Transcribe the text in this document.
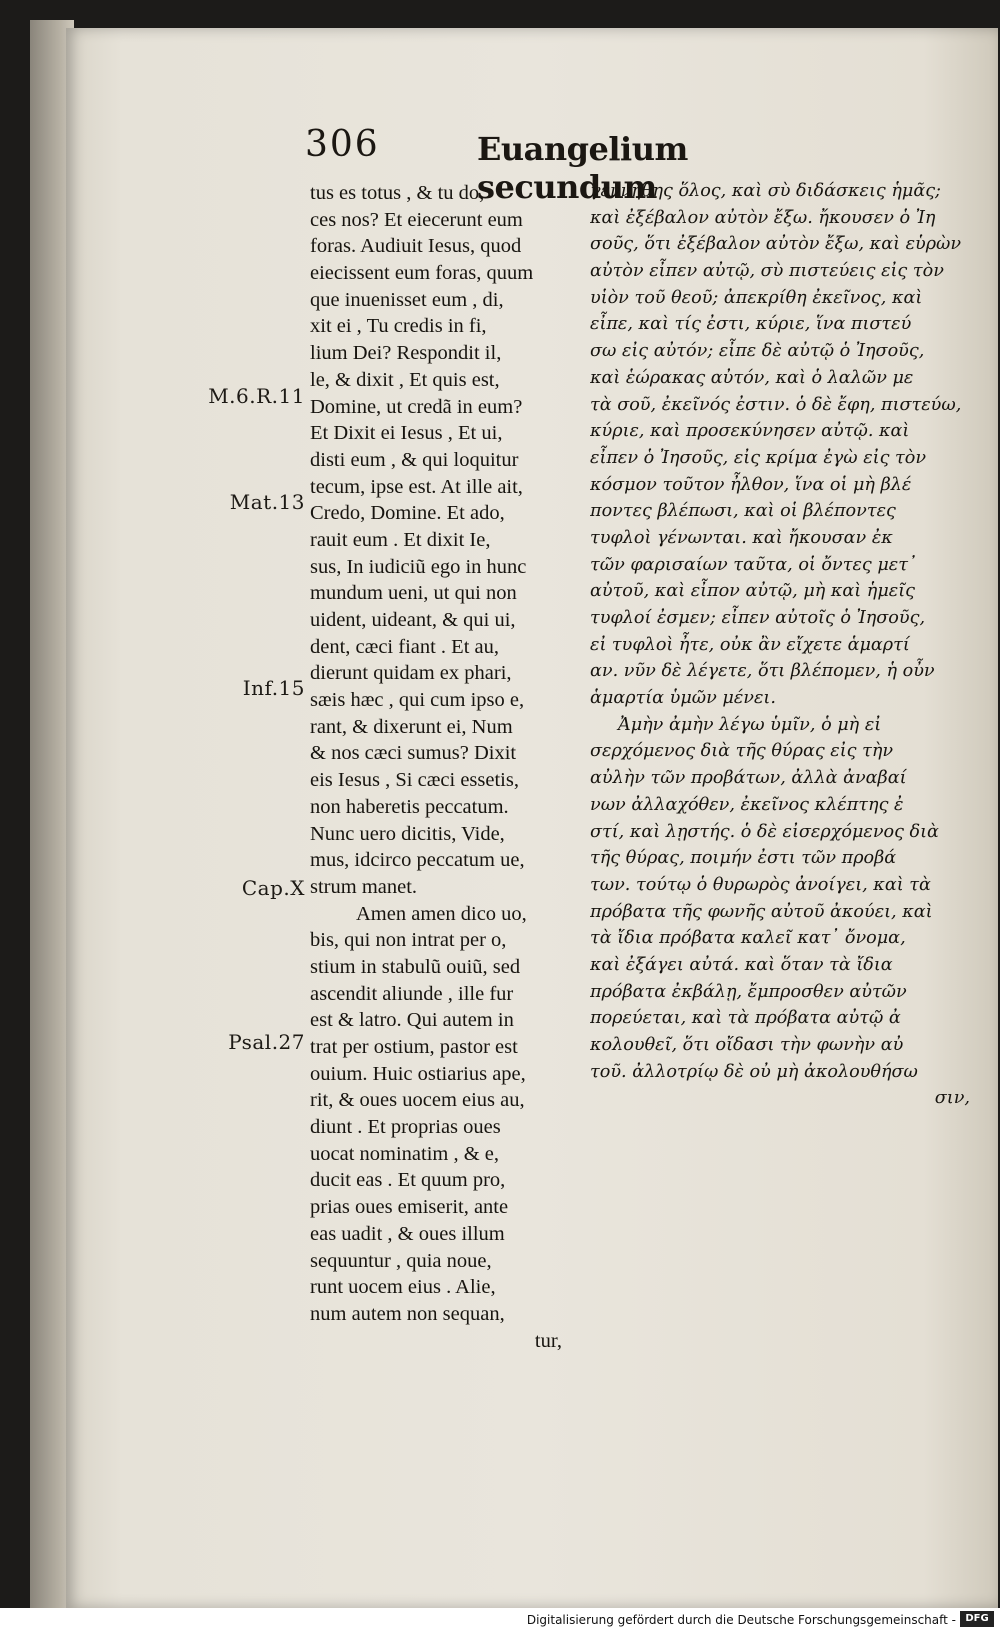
306	Euangelium secundum
M.6.R.11
Mat.13
Inf.15
Cap.X
Psal.27
tus es totus , & tu do,
ces nos? Et eiecerunt eum
foras. Audiuit Iesus, quod
eiecissent eum foras, quum
que inuenisset eum , di,
xit ei , Tu credis in fi,
lium Dei? Respondit il,
le, & dixit , Et quis est,
Domine, ut credã in eum?
Et Dixit ei Iesus , Et ui,
disti eum , & qui loquitur
tecum, ipse est. At ille ait,
Credo, Domine. Et ado,
rauit eum . Et dixit Ie,
sus, In iudiciũ ego in hunc
mundum ueni, ut qui non
uident, uideant, & qui ui,
dent, cæci fiant . Et au,
dierunt quidam ex phari,
sæis hæc , qui cum ipso e,
rant, & dixerunt ei, Num
& nos cæci sumus? Dixit
eis Iesus , Si cæci essetis,
non haberetis peccatum.
Nunc uero dicitis, Vide,
mus, idcirco peccatum ue,
strum manet.
Amen amen dico uo,
bis, qui non intrat per o,
stium in stabulũ ouiũ, sed
ascendit aliunde , ille fur
est & latro. Qui autem in
trat per ostium, pastor est
ouium. Huic ostiarius ape,
rit, & oues uocem eius au,
diunt . Et proprias oues
uocat nominatim , & e,
ducit eas . Et quum pro,
prias oues emiserit, ante
eas uadit , & oues illum
sequuntur , quia noue,
runt uocem eius . Alie,
num autem non sequan,
tur,
γεννήθης ὅλος, καὶ σὺ διδάσκεις ἡμᾶς;
καὶ ἐξέβαλον αὐτὸν ἔξω. ἤκουσεν ὁ Ἰη
σοῦς, ὅτι ἐξέβαλον αὐτὸν ἔξω, καὶ εὑρὼν
αὐτὸν εἶπεν αὐτῷ, σὺ πιστεύεις εἰς τὸν
υἱὸν τοῦ θεοῦ; ἀπεκρίθη ἐκεῖνος, καὶ
εἶπε, καὶ τίς ἐστι, κύριε, ἵνα πιστεύ
σω εἰς αὐτόν; εἶπε δὲ αὐτῷ ὁ Ἰησοῦς,
καὶ ἑώρακας αὐτόν, καὶ ὁ λαλῶν με
τὰ σοῦ, ἐκεῖνός ἐστιν. ὁ δὲ ἔφη, πιστεύω,
κύριε, καὶ προσεκύνησεν αὐτῷ. καὶ
εἶπεν ὁ Ἰησοῦς, εἰς κρίμα ἐγὼ εἰς τὸν
κόσμον τοῦτον ἦλθον, ἵνα οἱ μὴ βλέ
ποντες βλέπωσι, καὶ οἱ βλέποντες
τυφλοὶ γένωνται. καὶ ἤκουσαν ἐκ
τῶν φαρισαίων ταῦτα, οἱ ὄντες μετ᾽
αὐτοῦ, καὶ εἶπον αὐτῷ, μὴ καὶ ἡμεῖς
τυφλοί ἐσμεν; εἶπεν αὐτοῖς ὁ Ἰησοῦς,
εἰ τυφλοὶ ἦτε, οὐκ ἂν εἴχετε ἁμαρτί
αν. νῦν δὲ λέγετε, ὅτι βλέπομεν, ἡ οὖν
ἁμαρτία ὑμῶν μένει.
Ἀμὴν ἀμὴν λέγω ὑμῖν, ὁ μὴ εἰ
σερχόμενος διὰ τῆς θύρας εἰς τὴν
αὐλὴν τῶν προβάτων, ἀλλὰ ἀναβαί
νων ἀλλαχόθεν, ἐκεῖνος κλέπτης ἐ
στί, καὶ λῃστής. ὁ δὲ εἰσερχόμενος διὰ
τῆς θύρας, ποιμήν ἐστι τῶν προβά
των. τούτῳ ὁ θυρωρὸς ἀνοίγει, καὶ τὰ
πρόβατα τῆς φωνῆς αὐτοῦ ἀκούει, καὶ
τὰ ἴδια πρόβατα καλεῖ κατ᾽ ὄνομα,
καὶ ἐξάγει αὐτά. καὶ ὅταν τὰ ἴδια
πρόβατα ἐκβάλῃ, ἔμπροσθεν αὐτῶν
πορεύεται, καὶ τὰ πρόβατα αὐτῷ ἀ
κολουθεῖ, ὅτι οἴδασι τὴν φωνὴν αὐ
τοῦ. ἀλλοτρίῳ δὲ οὐ μὴ ἀκολουθήσω
σιν,
Digitalisierung gefördert durch die Deutsche Forschungsgemeinschaft - DFG
